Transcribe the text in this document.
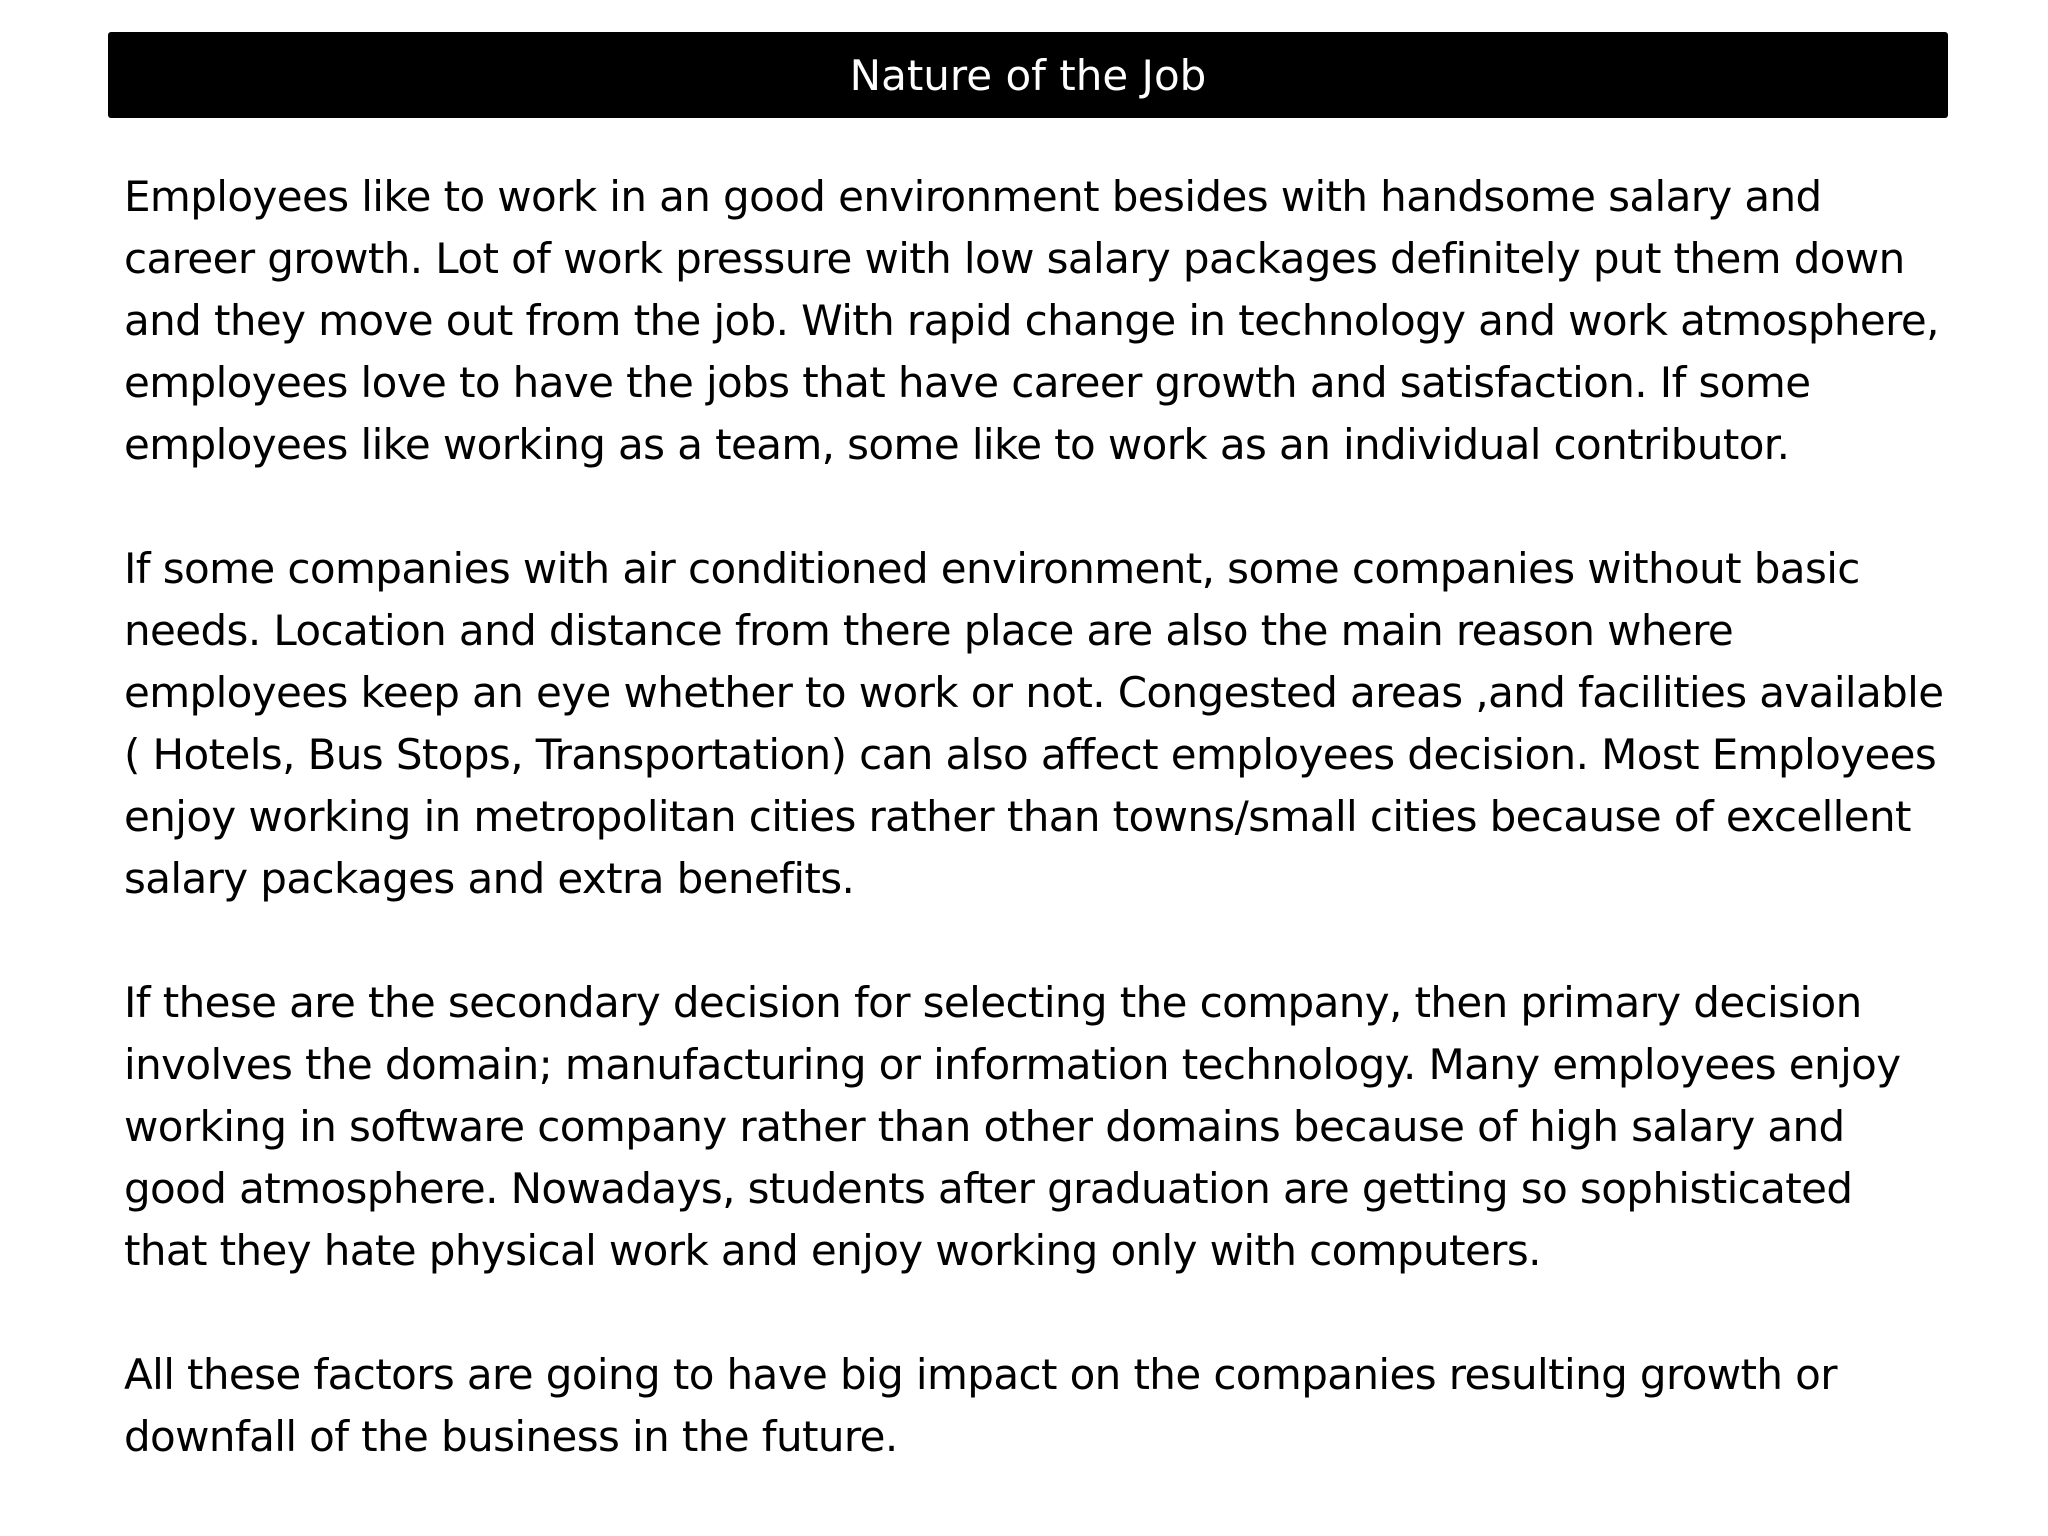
Nature of the Job

Employees like to work in an good environment besides with handsome salary and career growth. Lot of work pressure with low salary packages definitely put them down and they move out from the job. With rapid change in technology and work atmosphere, employees love to have the jobs that have career growth and satisfaction. If some employees like working as a team, some like to work as an individual contributor.

If some companies with air conditioned environment, some companies without basic needs. Location and distance from there place are also the main reason where employees keep an eye whether to work or not. Congested areas ,and facilities available ( Hotels, Bus Stops, Transportation) can also affect employees decision. Most Employees enjoy working in metropolitan cities rather than towns/small cities because of excellent salary packages and extra benefits.

If these are the secondary decision for selecting the company, then primary decision involves the domain; manufacturing or information technology. Many employees enjoy working in software company rather than other domains because of high salary and good atmosphere. Nowadays, students after graduation are getting so sophisticated that they hate physical work and enjoy working only with computers.

All these factors are going to have big impact on the companies resulting growth or downfall of the business in the future.
